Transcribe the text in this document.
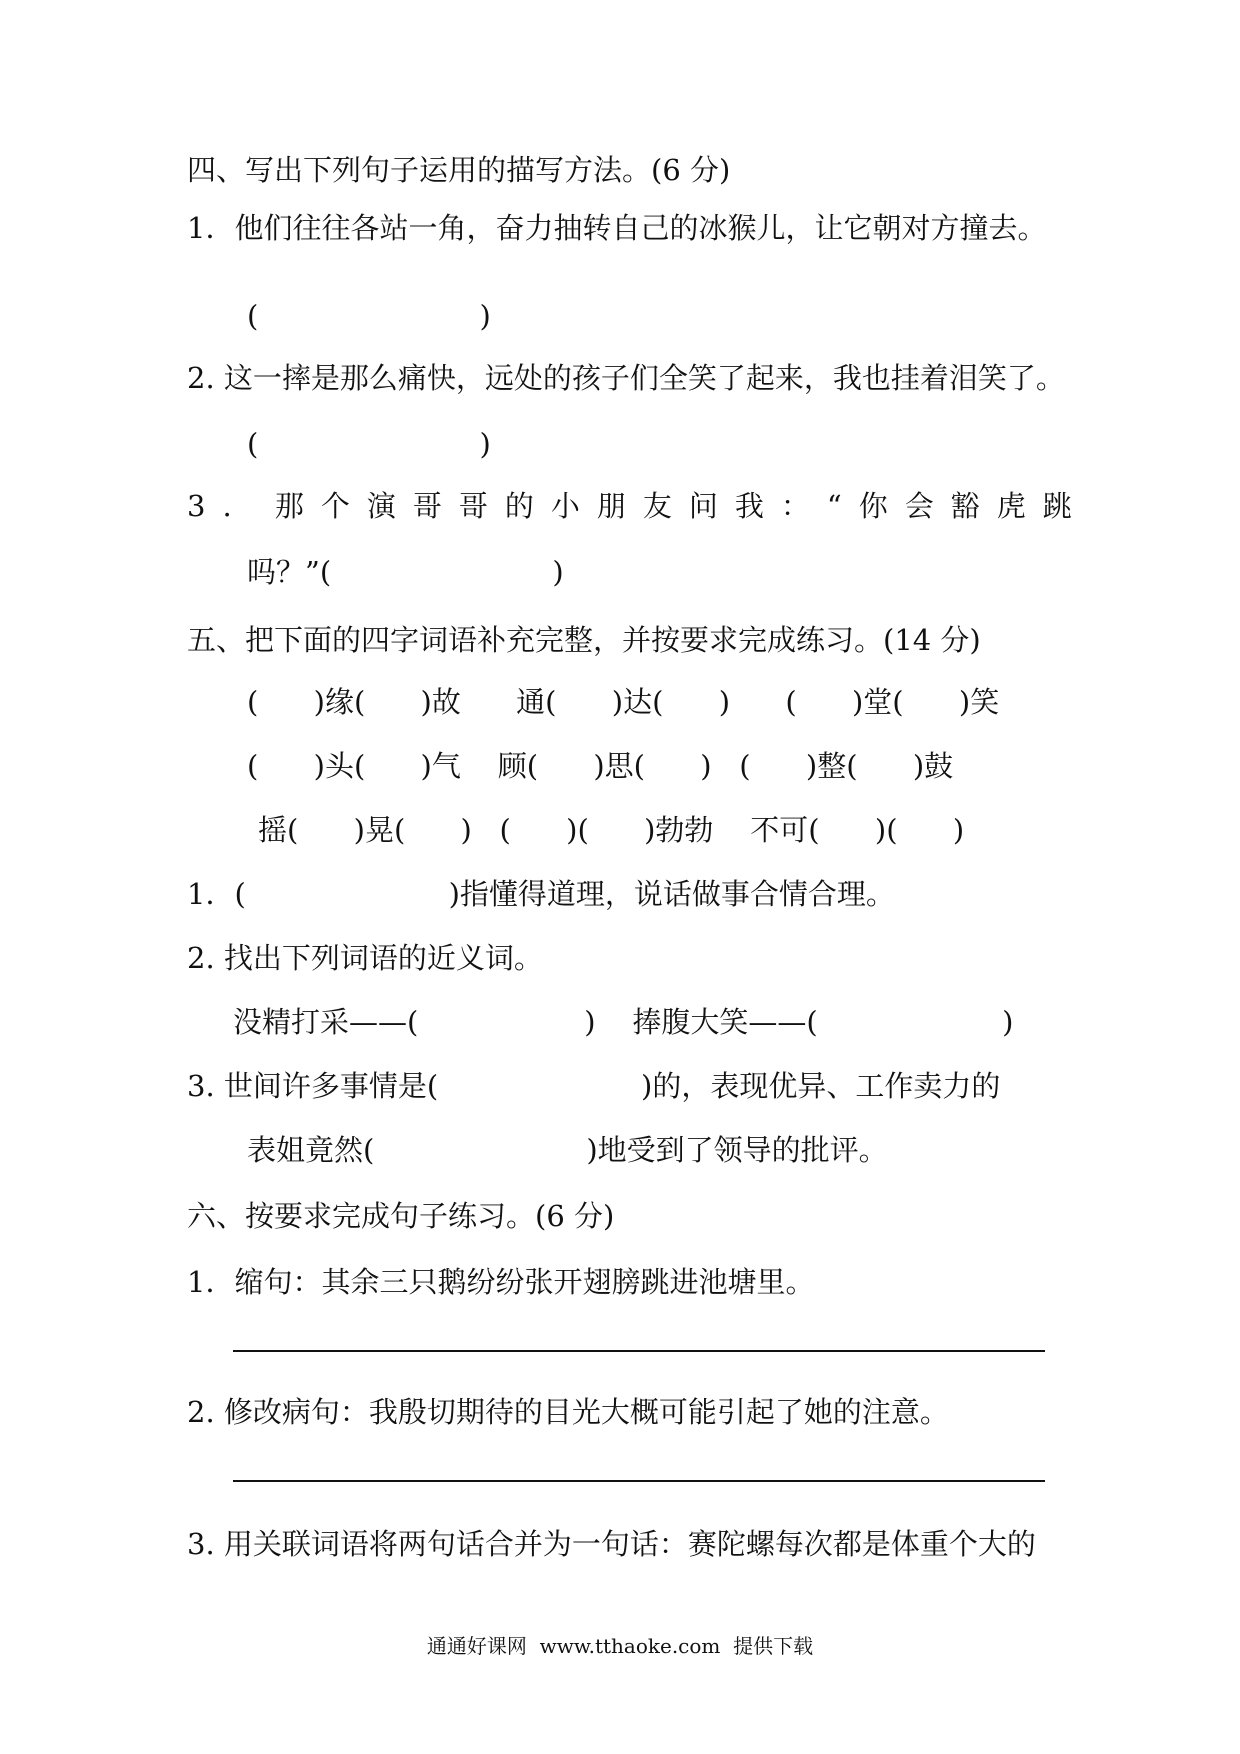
四、写出下列句子运用的描写方法。(6 分)
1．他们往往各站一角，奋力抽转自己的冰猴儿，让它朝对方撞去。
(                        )
2. 这一摔是那么痛快，远处的孩子们全笑了起来，我也挂着泪笑了。
(                        )
3. 那个演哥哥的小朋友问我：“你会豁虎跳
吗？”(                        )
五、把下面的四字词语补充完整，并按要求完成练习。(14 分)
(      )缘(      )故      通(      )达(      )      (      )堂(      )笑
(      )头(      )气    顾(      )思(      )   (      )整(      )鼓
摇(      )晃(      )   (      )(      )勃勃    不可(      )(      )
1．(                      )指懂得道理，说话做事合情合理。
2. 找出下列词语的近义词。
没精打采——(                  )    捧腹大笑——(                    )
3. 世间许多事情是(                      )的，表现优异、工作卖力的
表姐竟然(                       )地受到了领导的批评。
六、按要求完成句子练习。(6 分)
1．缩句：其余三只鹅纷纷张开翅膀跳进池塘里。
2. 修改病句：我殷切期待的目光大概可能引起了她的注意。
3. 用关联词语将两句话合并为一句话：赛陀螺每次都是体重个大的
通通好课网  www.tthaoke.com  提供下载
